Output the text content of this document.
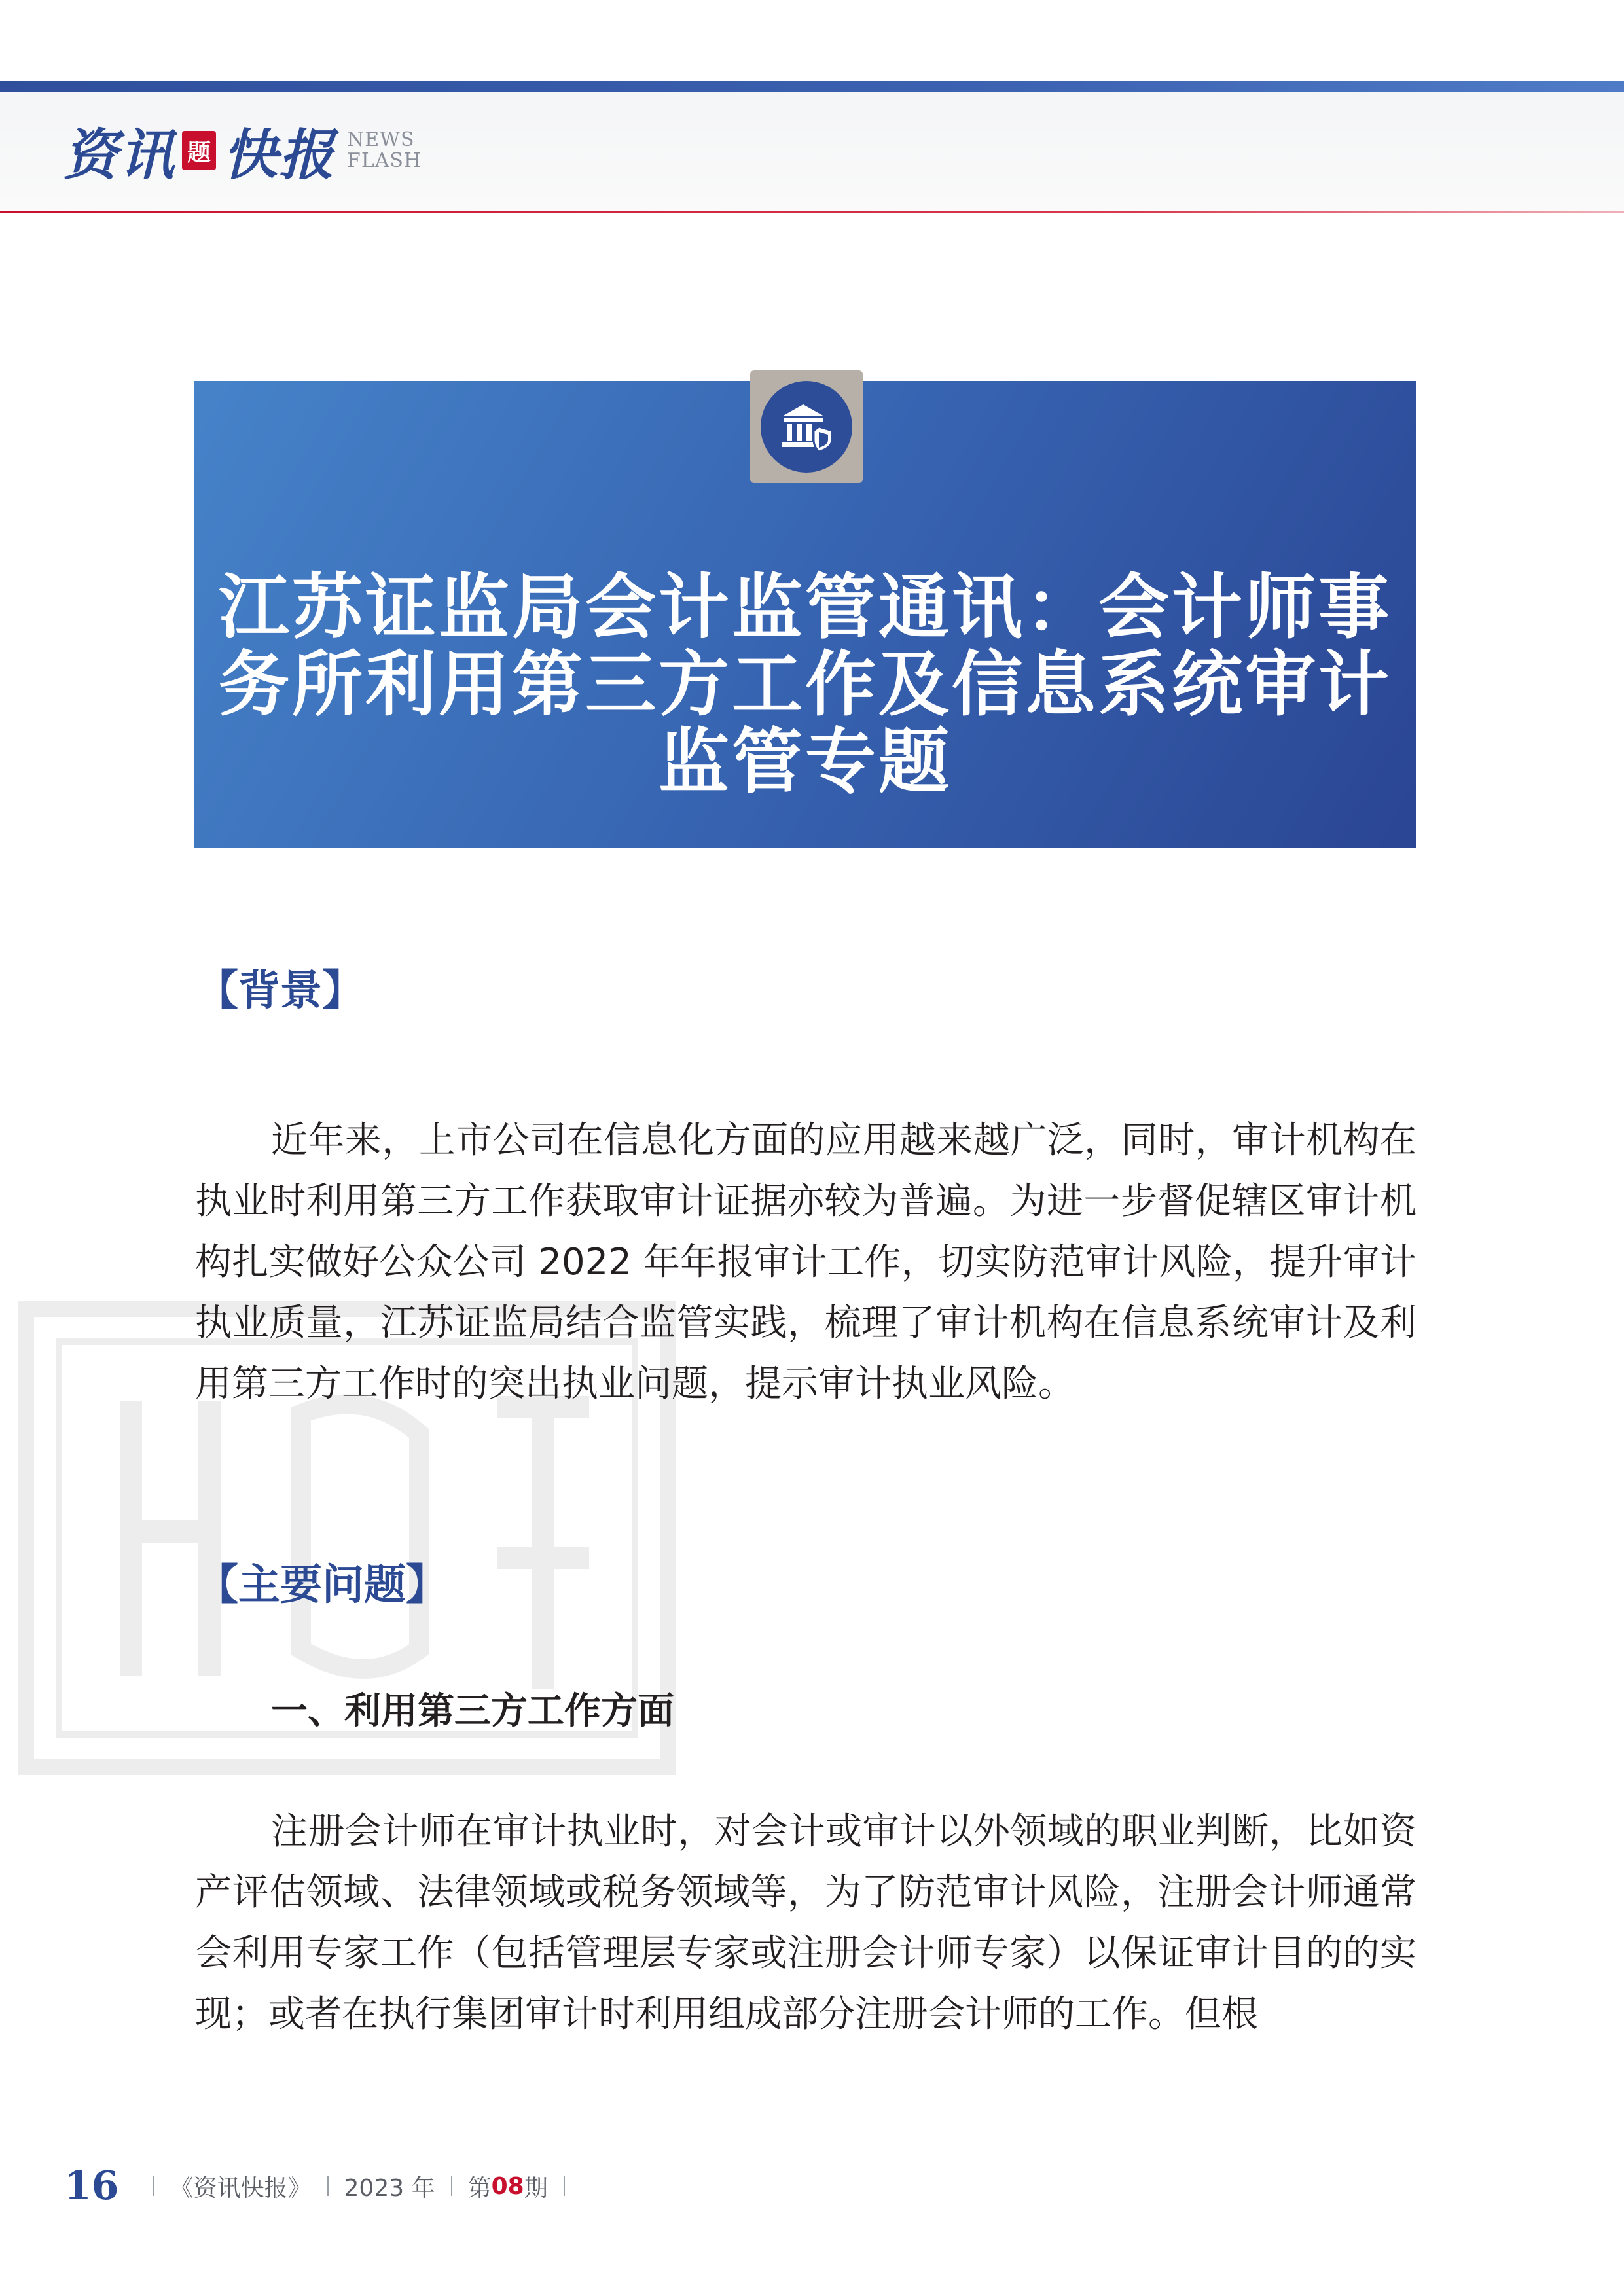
资讯 题 快报 NEWS
FLASH
江苏证监局会计监管通讯：会计师事务所利用第三方工作及信息系统审计监管专题
【背景】

近年来，上市公司在信息化方面的应用越来越广泛，同时，审计机构在执业时利用第三方工作获取审计证据亦较为普遍。为进一步督促辖区审计机构扎实做好公众公司 2022 年年报审计工作，切实防范审计风险，提升审计执业质量，江苏证监局结合监管实践，梳理了审计机构在信息系统审计及利用第三方工作时的突出执业问题，提示审计执业风险。

【主要问题】
一、利用第三方工作方面

注册会计师在审计执业时，对会计或审计以外领域的职业判断，比如资产评估领域、法律领域或税务领域等，为了防范审计风险，注册会计师通常会利用专家工作（包括管理层专家或注册会计师专家）以保证审计目的的实现；或者在执行集团审计时利用组成部分注册会计师的工作。但根

16 《资讯快报》 2023 年 第 08 期
